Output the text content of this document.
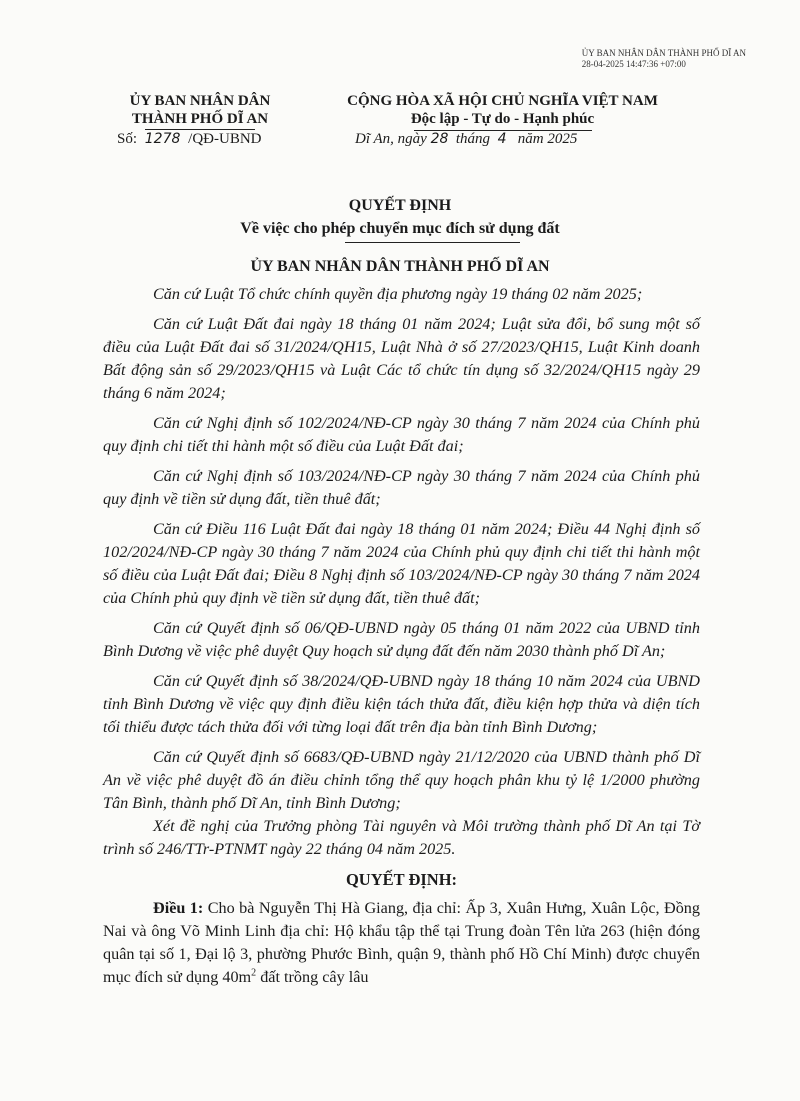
ỦY BAN NHÂN DÂN THÀNH PHỐ DĨ AN
28-04-2025 14:47:36 +07:00
ỦY BAN NHÂN DÂN
THÀNH PHỐ DĨ AN
Số: 1278 /QĐ-UBND
CỘNG HÒA XÃ HỘI CHỦ NGHĨA VIỆT NAM
Độc lập - Tự do - Hạnh phúc
Dĩ An, ngày 28 tháng 4 năm 2025
QUYẾT ĐỊNH
Về việc cho phép chuyển mục đích sử dụng đất
ỦY BAN NHÂN DÂN THÀNH PHỐ DĨ AN

Căn cứ Luật Tổ chức chính quyền địa phương ngày 19 tháng 02 năm 2025;

Căn cứ Luật Đất đai ngày 18 tháng 01 năm 2024; Luật sửa đổi, bổ sung một số điều của Luật Đất đai số 31/2024/QH15, Luật Nhà ở số 27/2023/QH15, Luật Kinh doanh Bất động sản số 29/2023/QH15 và Luật Các tổ chức tín dụng số 32/2024/QH15 ngày 29 tháng 6 năm 2024;

Căn cứ Nghị định số 102/2024/NĐ-CP ngày 30 tháng 7 năm 2024 của Chính phủ quy định chi tiết thi hành một số điều của Luật Đất đai;

Căn cứ Nghị định số 103/2024/NĐ-CP ngày 30 tháng 7 năm 2024 của Chính phủ quy định về tiền sử dụng đất, tiền thuê đất;

Căn cứ Điều 116 Luật Đất đai ngày 18 tháng 01 năm 2024; Điều 44 Nghị định số 102/2024/NĐ-CP ngày 30 tháng 7 năm 2024 của Chính phủ quy định chi tiết thi hành một số điều của Luật Đất đai; Điều 8 Nghị định số 103/2024/NĐ-CP ngày 30 tháng 7 năm 2024 của Chính phủ quy định về tiền sử dụng đất, tiền thuê đất;

Căn cứ Quyết định số 06/QĐ-UBND ngày 05 tháng 01 năm 2022 của UBND tỉnh Bình Dương về việc phê duyệt Quy hoạch sử dụng đất đến năm 2030 thành phố Dĩ An;

Căn cứ Quyết định số 38/2024/QĐ-UBND ngày 18 tháng 10 năm 2024 của UBND tỉnh Bình Dương về việc quy định điều kiện tách thửa đất, điều kiện hợp thửa và diện tích tối thiểu được tách thửa đối với từng loại đất trên địa bàn tỉnh Bình Dương;

Căn cứ Quyết định số 6683/QĐ-UBND ngày 21/12/2020 của UBND thành phố Dĩ An về việc phê duyệt đồ án điều chỉnh tổng thể quy hoạch phân khu tỷ lệ 1/2000 phường Tân Bình, thành phố Dĩ An, tỉnh Bình Dương;

Xét đề nghị của Trưởng phòng Tài nguyên và Môi trường thành phố Dĩ An tại Tờ trình số 246/TTr-PTNMT ngày 22 tháng 04 năm 2025.

QUYẾT ĐỊNH:

Điều 1: Cho bà Nguyễn Thị Hà Giang, địa chỉ: Ấp 3, Xuân Hưng, Xuân Lộc, Đồng Nai và ông Võ Minh Linh địa chỉ: Hộ khẩu tập thể tại Trung đoàn Tên lửa 263 (hiện đóng quân tại số 1, Đại lộ 3, phường Phước Bình, quận 9, thành phố Hồ Chí Minh) được chuyển mục đích sử dụng $40m^2$ đất trồng cây lâu
